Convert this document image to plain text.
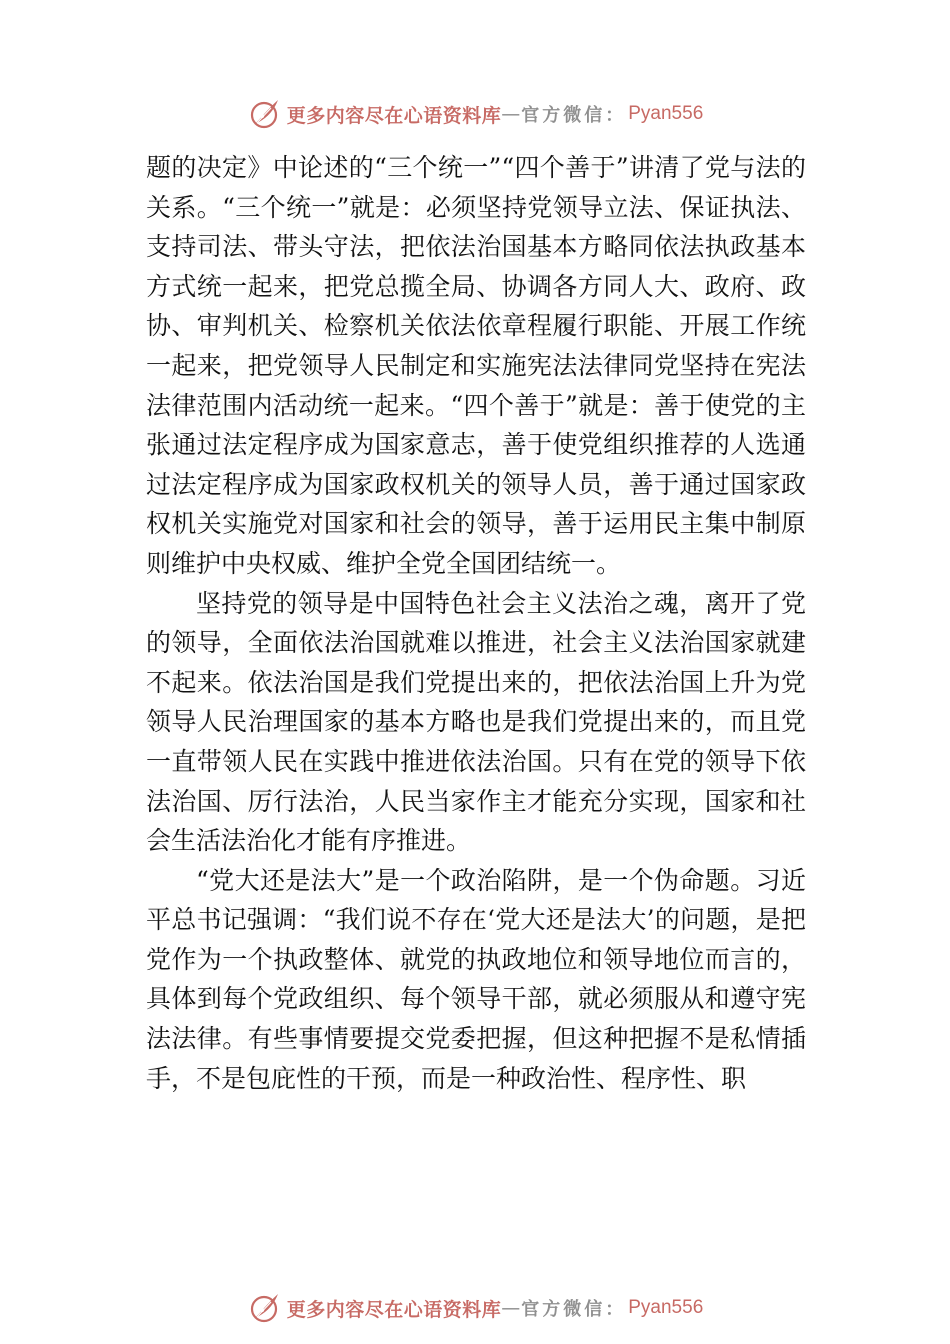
更多内容尽在心语资料库 — 官方微信： Pyan556

题的决定》中论述的“三个统一”“四个善于”讲清了党与法的关系。“三个统一”就是：必须坚持党领导立法、保证执法、支持司法、带头守法，把依法治国基本方略同依法执政基本方式统一起来，把党总揽全局、协调各方同人大、政府、政协、审判机关、检察机关依法依章程履行职能、开展工作统一起来，把党领导人民制定和实施宪法法律同党坚持在宪法法律范围内活动统一起来。“四个善于”就是：善于使党的主张通过法定程序成为国家意志，善于使党组织推荐的人选通过法定程序成为国家政权机关的领导人员，善于通过国家政权机关实施党对国家和社会的领导，善于运用民主集中制原则维护中央权威、维护全党全国团结统一。

坚持党的领导是中国特色社会主义法治之魂，离开了党的领导，全面依法治国就难以推进，社会主义法治国家就建不起来。依法治国是我们党提出来的，把依法治国上升为党领导人民治理国家的基本方略也是我们党提出来的，而且党一直带领人民在实践中推进依法治国。只有在党的领导下依法治国、厉行法治，人民当家作主才能充分实现，国家和社会生活法治化才能有序推进。

“党大还是法大”是一个政治陷阱，是一个伪命题。习近平总书记强调：“我们说不存在‘党大还是法大’的问题，是把党作为一个执政整体、就党的执政地位和领导地位而言的，具体到每个党政组织、每个领导干部，就必须服从和遵守宪法法律。有些事情要提交党委把握，但这种把握不是私情插手，不是包庇性的干预，而是一种政治性、程序性、职

更多内容尽在心语资料库 — 官方微信： Pyan556
